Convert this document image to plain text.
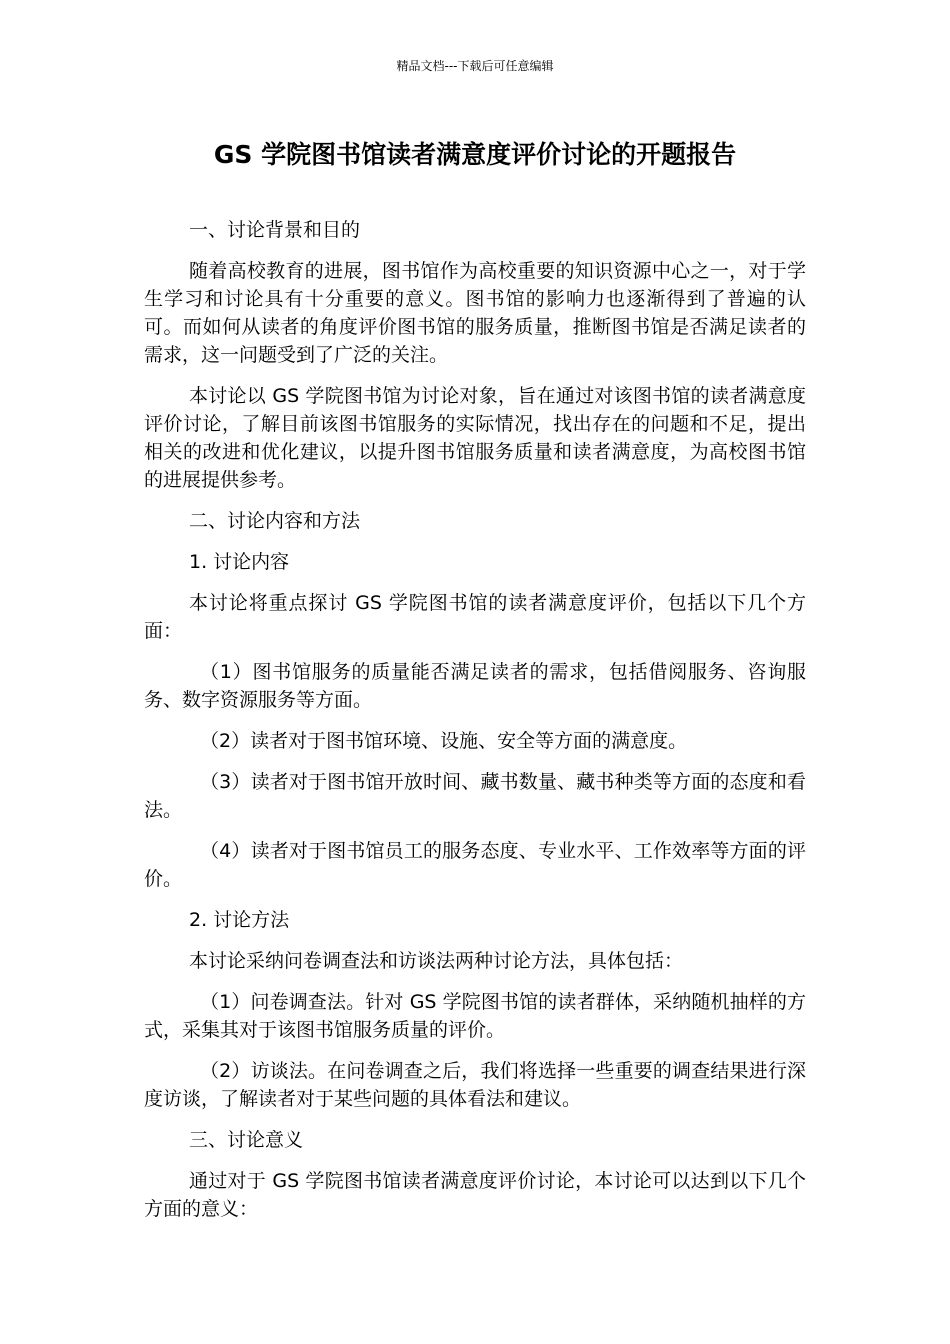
精品文档---下载后可任意编辑
GS 学院图书馆读者满意度评价讨论的开题报告

一、讨论背景和目的

随着高校教育的进展，图书馆作为高校重要的知识资源中心之一，对于学生学习和讨论具有十分重要的意义。图书馆的影响力也逐渐得到了普遍的认可。而如何从读者的角度评价图书馆的服务质量，推断图书馆是否满足读者的需求，这一问题受到了广泛的关注。

本讨论以 GS 学院图书馆为讨论对象，旨在通过对该图书馆的读者满意度评价讨论，了解目前该图书馆服务的实际情况，找出存在的问题和不足，提出相关的改进和优化建议，以提升图书馆服务质量和读者满意度，为高校图书馆的进展提供参考。

二、讨论内容和方法

1. 讨论内容

本讨论将重点探讨 GS 学院图书馆的读者满意度评价，包括以下几个方面：

（1）图书馆服务的质量能否满足读者的需求，包括借阅服务、咨询服务、数字资源服务等方面。

（2）读者对于图书馆环境、设施、安全等方面的满意度。

（3）读者对于图书馆开放时间、藏书数量、藏书种类等方面的态度和看法。

（4）读者对于图书馆员工的服务态度、专业水平、工作效率等方面的评价。

2. 讨论方法

本讨论采纳问卷调查法和访谈法两种讨论方法，具体包括：

（1）问卷调查法。针对 GS 学院图书馆的读者群体，采纳随机抽样的方式，采集其对于该图书馆服务质量的评价。

（2）访谈法。在问卷调查之后，我们将选择一些重要的调查结果进行深度访谈，了解读者对于某些问题的具体看法和建议。

三、讨论意义

通过对于 GS 学院图书馆读者满意度评价讨论，本讨论可以达到以下几个方面的意义：
